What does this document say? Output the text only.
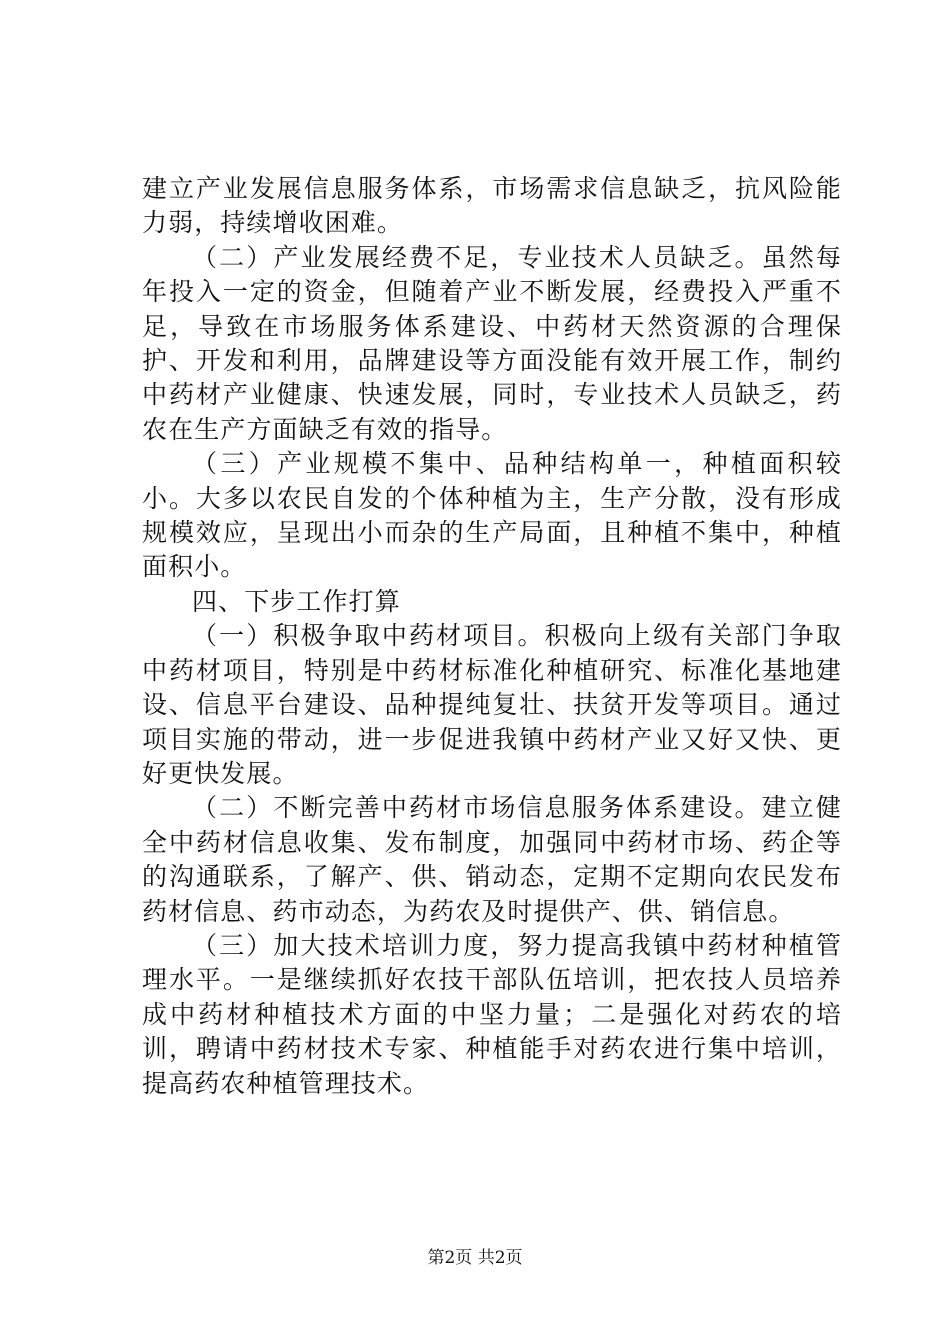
建立产业发展信息服务体系，市场需求信息缺乏，抗风险能力弱，持续增收困难。

（二）产业发展经费不足，专业技术人员缺乏。虽然每年投入一定的资金，但随着产业不断发展，经费投入严重不足，导致在市场服务体系建设、中药材天然资源的合理保护、开发和利用，品牌建设等方面没能有效开展工作，制约中药材产业健康、快速发展，同时，专业技术人员缺乏，药农在生产方面缺乏有效的指导。

（三）产业规模不集中、品种结构单一，种植面积较小。大多以农民自发的个体种植为主，生产分散，没有形成规模效应，呈现出小而杂的生产局面，且种植不集中，种植面积小。

四、下步工作打算

（一）积极争取中药材项目。积极向上级有关部门争取中药材项目，特别是中药材标准化种植研究、标准化基地建设、信息平台建设、品种提纯复壮、扶贫开发等项目。通过项目实施的带动，进一步促进我镇中药材产业又好又快、更好更快发展。

（二）不断完善中药材市场信息服务体系建设。建立健全中药材信息收集、发布制度，加强同中药材市场、药企等的沟通联系，了解产、供、销动态，定期不定期向农民发布药材信息、药市动态，为药农及时提供产、供、销信息。

（三）加大技术培训力度，努力提高我镇中药材种植管理水平。一是继续抓好农技干部队伍培训，把农技人员培养成中药材种植技术方面的中坚力量；二是强化对药农的培训，聘请中药材技术专家、种植能手对药农进行集中培训，提高药农种植管理技术。

第2页 共2页
